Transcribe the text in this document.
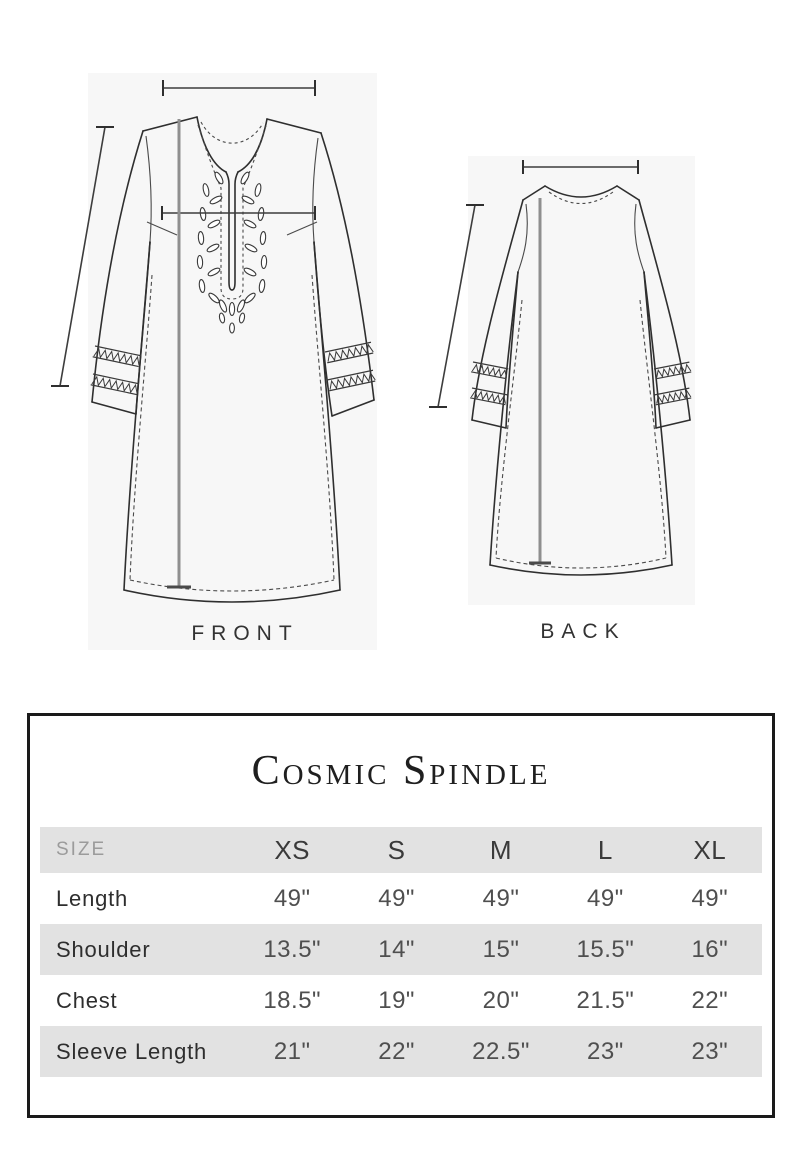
FRONT	BACK
Cosmic Spindle
SIZE	XS	S	M	L	XL
Length	49"	49"	49"	49"	49"
Shoulder	13.5"	14"	15"	15.5"	16"
Chest	18.5"	19"	20"	21.5"	22"
Sleeve Length	21"	22"	22.5"	23"	23"
